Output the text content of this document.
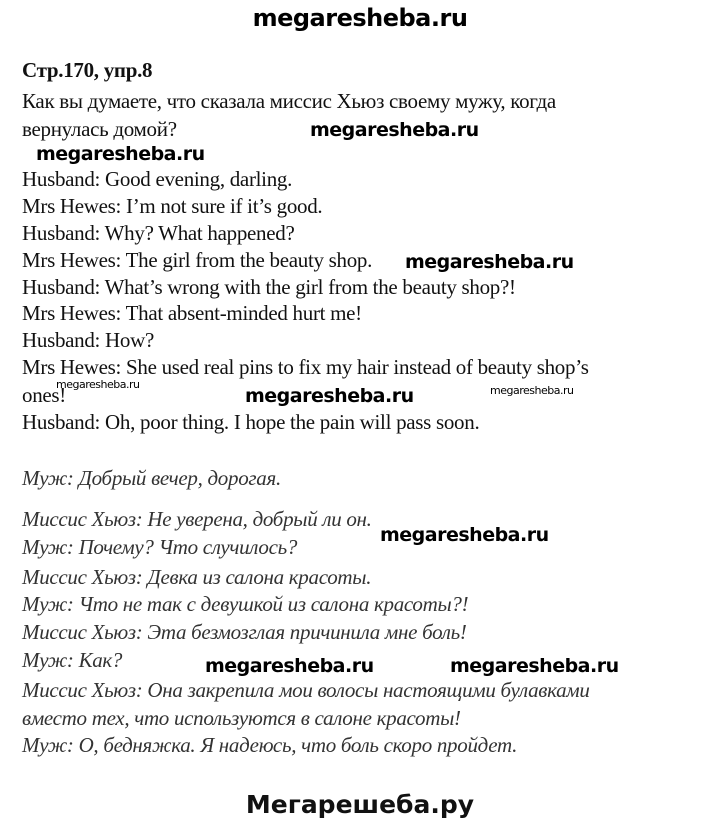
megaresheba.ru
Стр.170, упр.8
Как вы думаете, что сказала миссис Хьюз своему мужу, когда
вернулась домой?
Husband: Good evening, darling.
Mrs Hewes: I’m not sure if it’s good.
Husband: Why? What happened?
Mrs Hewes: The girl from the beauty shop.
Husband: What’s wrong with the girl from the beauty shop?!
Mrs Hewes: That absent-minded hurt me!
Husband: How?
Mrs Hewes: She used real pins to fix my hair instead of beauty shop’s
ones!
Husband: Oh, poor thing. I hope the pain will pass soon.
Муж: Добрый вечер, дорогая.
Миссис Хьюз: Не уверена, добрый ли он.
Муж: Почему? Что случилось?
Миссис Хьюз: Девка из салона красоты.
Муж: Что не так с девушкой из салона красоты?!
Миссис Хьюз: Эта безмозглая причинила мне боль!
Муж: Как?
Миссис Хьюз: Она закрепила мои волосы настоящими булавками
вместо тех, что используются в салоне красоты!
Муж: О, бедняжка. Я надеюсь, что боль скоро пройдет.
megaresheba.ru
megaresheba.ru
megaresheba.ru
megaresheba.ru
megaresheba.ru	megaresheba.ru
megaresheba.ru
megaresheba.ru	megaresheba.ru
Мегарешеба.ру
